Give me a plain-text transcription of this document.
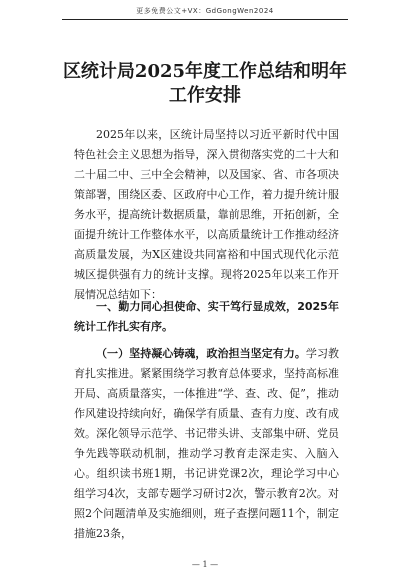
更多免费公文+VX：GdGongWen2024
区统计局2025年度工作总结和明年工作安排

2025年以来，区统计局坚持以习近平新时代中国特色社会主义思想为指导，深入贯彻落实党的二十大和二十届二中、三中全会精神，以及国家、省、市各项决策部署，围绕区委、区政府中心工作，着力提升统计服务水平，提高统计数据质量，靠前思维，开拓创新，全面提升统计工作整体水平，以高质量统计工作推动经济高质量发展，为X区建设共同富裕和中国式现代化示范城区提供强有力的统计支撑。现将2025年以来工作开展情况总结如下：

一、勤力同心担使命、实干笃行显成效，2025年统计工作扎实有序。

（一）坚持凝心铸魂，政治担当坚定有力。学习教育扎实推进。紧紧围绕学习教育总体要求，坚持高标准开局、高质量落实，一体推进“学、查、改、促”，推动作风建设持续向好，确保学有质量、查有力度、改有成效。深化领导示范学、书记带头讲、支部集中研、党员争先践等联动机制，推动学习教育走深走实、入脑入心。组织读书班1期，书记讲党课2次，理论学习中心组学习4次，支部专题学习研讨2次，警示教育2次。对照2个问题清单及实施细则，班子查摆问题11个，制定措施23条，

— 1 —
